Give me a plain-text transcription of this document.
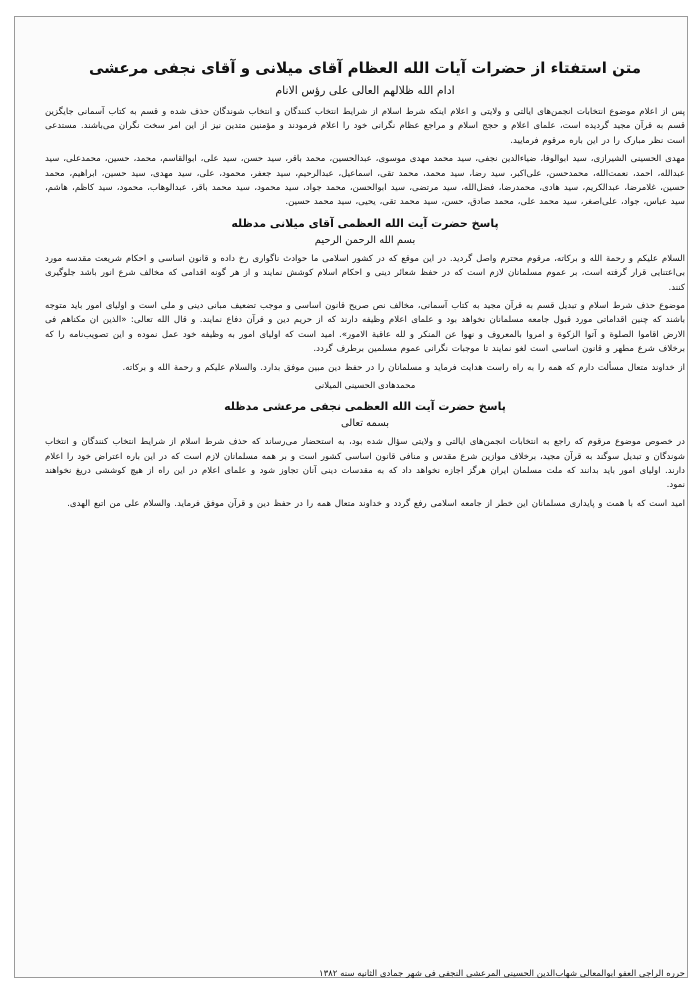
متن استفتاء از حضرات آیات الله العظام آقای میلانی و آقای نجفی مرعشی
ادام الله ظلالهم العالی علی رؤس الانام
پس از اعلام موضوع انتخابات انجمن‌های ایالتی و ولایتی و اعلام اینکه شرط اسلام از شرایط انتخاب کنندگان و انتخاب شوندگان حذف شده و قسم به کتاب آسمانی جایگزین قسم به قرآن مجید گردیده است، علمای اعلام و حجج اسلام و مراجع عظام نگرانی خود را اعلام فرمودند و مؤمنین متدین نیز از این امر سخت نگران می‌باشند. مستدعی است نظر مبارک را در این باره مرقوم فرمایید.
مهدی الحسینی الشیرازی، سید ابوالوفا، ضیاءالدین نجفی، سید محمد مهدی موسوی، عبدالحسین، محمد باقر، سید حسن، سید علی، ابوالقاسم، محمد، حسین، محمدعلی، سید عبدالله، احمد، نعمت‌الله، محمدحسن، علی‌اکبر، سید رضا، سید محمد، محمد تقی، اسماعیل، عبدالرحیم، سید جعفر، محمود، علی، سید مهدی، سید حسین، ابراهیم، محمد حسین، غلامرضا، عبدالکریم، سید هادی، محمدرضا، فضل‌الله، سید مرتضی، سید ابوالحسن، محمد جواد، سید محمود، سید محمد باقر، عبدالوهاب، محمود، سید کاظم، هاشم، سید عباس، جواد، علی‌اصغر، سید محمد علی، محمد صادق، حسن، سید محمد تقی، یحیی، سید محمد حسین.
پاسخ حضرت آیت الله العظمی آقای میلانی مدظله
بسم الله الرحمن الرحیم
السلام علیکم و رحمة الله و برکاته، مرقوم محترم واصل گردید. در این موقع که در کشور اسلامی ما حوادث ناگواری رخ داده و قانون اساسی و احکام شریعت مقدسه مورد بی‌اعتنایی قرار گرفته است، بر عموم مسلمانان لازم است که در حفظ شعائر دینی و احکام اسلام کوشش نمایند و از هر گونه اقدامی که مخالف شرع انور باشد جلوگیری کنند.
موضوع حذف شرط اسلام و تبدیل قسم به قرآن مجید به کتاب آسمانی، مخالف نص صریح قانون اساسی و موجب تضعیف مبانی دینی و ملی است و اولیای امور باید متوجه باشند که چنین اقداماتی مورد قبول جامعه مسلمانان نخواهد بود و علمای اعلام وظیفه دارند که از حریم دین و قرآن دفاع نمایند. و قال الله تعالی: «الذین ان مکناهم فی الارض اقاموا الصلوة و آتوا الزکوة و امروا بالمعروف و نهوا عن المنکر و لله عاقبة الامور». امید است که اولیای امور به وظیفه خود عمل نموده و این تصویب‌نامه را که برخلاف شرع مطهر و قانون اساسی است لغو نمایند تا موجبات نگرانی عموم مسلمین برطرف گردد.
از خداوند متعال مسألت دارم که همه را به راه راست هدایت فرماید و مسلمانان را در حفظ دین مبین موفق بدارد. والسلام علیکم و رحمة الله و برکاته.
محمدهادی الحسینی المیلانی
پاسخ حضرت آیت الله العظمی نجفی مرعشی مدظله
بسمه تعالی
در خصوص موضوع مرقوم که راجع به انتخابات انجمن‌های ایالتی و ولایتی سؤال شده بود، به استحضار می‌رساند که حذف شرط اسلام از شرایط انتخاب کنندگان و انتخاب شوندگان و تبدیل سوگند به قرآن مجید، برخلاف موازین شرع مقدس و منافی قانون اساسی کشور است و بر همه مسلمانان لازم است که در این باره اعتراض خود را اعلام دارند. اولیای امور باید بدانند که ملت مسلمان ایران هرگز اجازه نخواهد داد که به مقدسات دینی آنان تجاوز شود و علمای اعلام در این راه از هیچ کوششی دریغ نخواهند نمود.
امید است که با همت و پایداری مسلمانان این خطر از جامعه اسلامی رفع گردد و خداوند متعال همه را در حفظ دین و قرآن موفق فرماید. والسلام علی من اتبع الهدی.
حرره الراجی العفو ابوالمعالی شهاب‌الدین الحسینی المرعشی النجفی فی شهر جمادی الثانیه سنه ۱۳۸۲
